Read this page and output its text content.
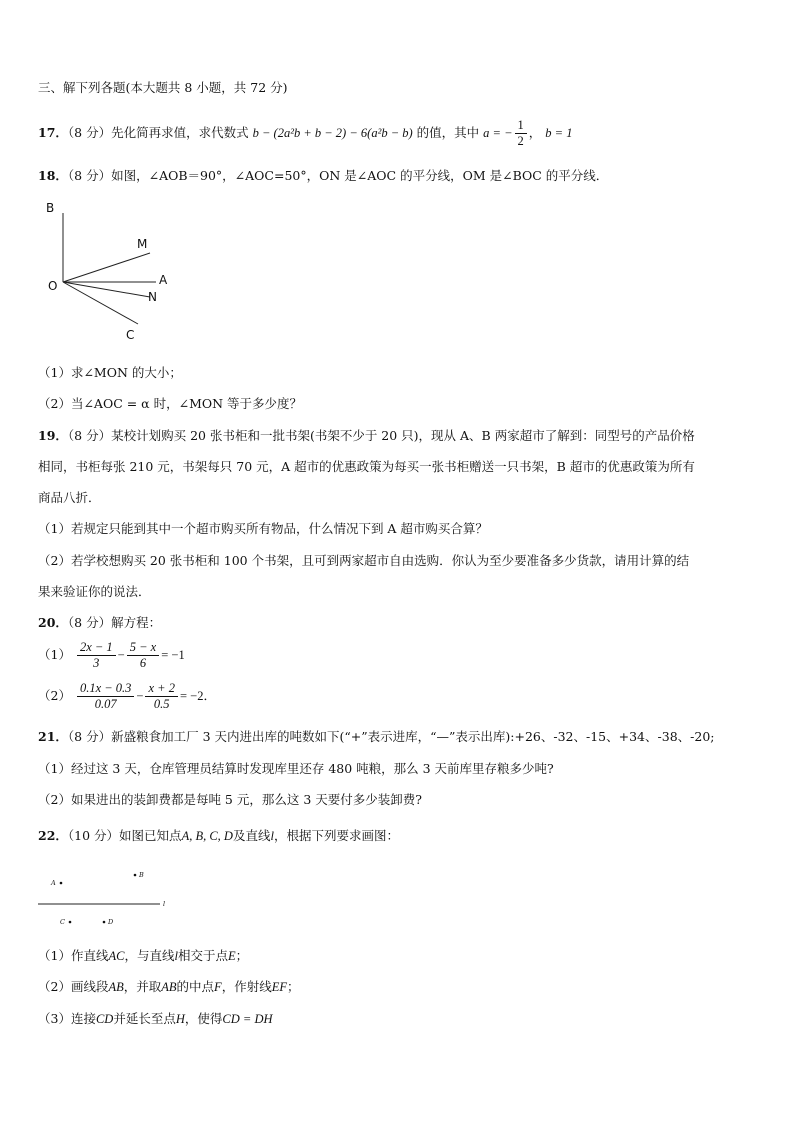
三、解下列各题(本大题共 8 小题，共 72 分)
17．（8 分）先化简再求值，求代数式 b − (2a²b + b − 2) − 6(a²b − b) 的值，其中 a = − $\frac{1}{2}$ ， b = 1
18．（8 分）如图，∠AOB＝90°，∠AOC=50°，ON 是∠AOC 的平分线，OM 是∠BOC 的平分线．
B
M
A
O
N
C
（1）求∠MON 的大小；
（2）当∠AOC = α 时，∠MON 等于多少度？
19．（8 分）某校计划购买 20 张书柜和一批书架(书架不少于 20 只)，现从 A、B 两家超市了解到：同型号的产品价格
相同，书柜每张 210 元，书架每只 70 元，A 超市的优惠政策为每买一张书柜赠送一只书架，B 超市的优惠政策为所有
商品八折．
（1）若规定只能到其中一个超市购买所有物品，什么情况下到 A 超市购买合算？
（2）若学校想购买 20 张书柜和 100 个书架，且可到两家超市自由选购．你认为至少要准备多少货款，请用计算的结
果来验证你的说法．
20．（8 分）解方程：
$(1) \frac{2x - 1}{3} - \frac{5 - x}{6} = -1$
$(2) \frac{0.1x - 0.3}{0.07} - \frac{x + 2}{0.5} = -2$．
21．（8 分）新盛粮食加工厂 3 天内进出库的吨数如下(“+”表示进库，“—”表示出库):+26、-32、-15、+34、-38、-20;
（1）经过这 3 天，仓库管理员结算时发现库里还存 480 吨粮，那么 3 天前库里存粮多少吨?
（2）如果进出的装卸费都是每吨 5 元，那么这 3 天要付多少装卸费?
22．（10 分）如图已知点A, B, C, D及直线l，根据下列要求画图：
A
B
C	D
l
（1）作直线AC，与直线l相交于点E；
（2）画线段AB，并取AB的中点F，作射线EF；
（3）连接CD并延长至点H，使得CD = DH
